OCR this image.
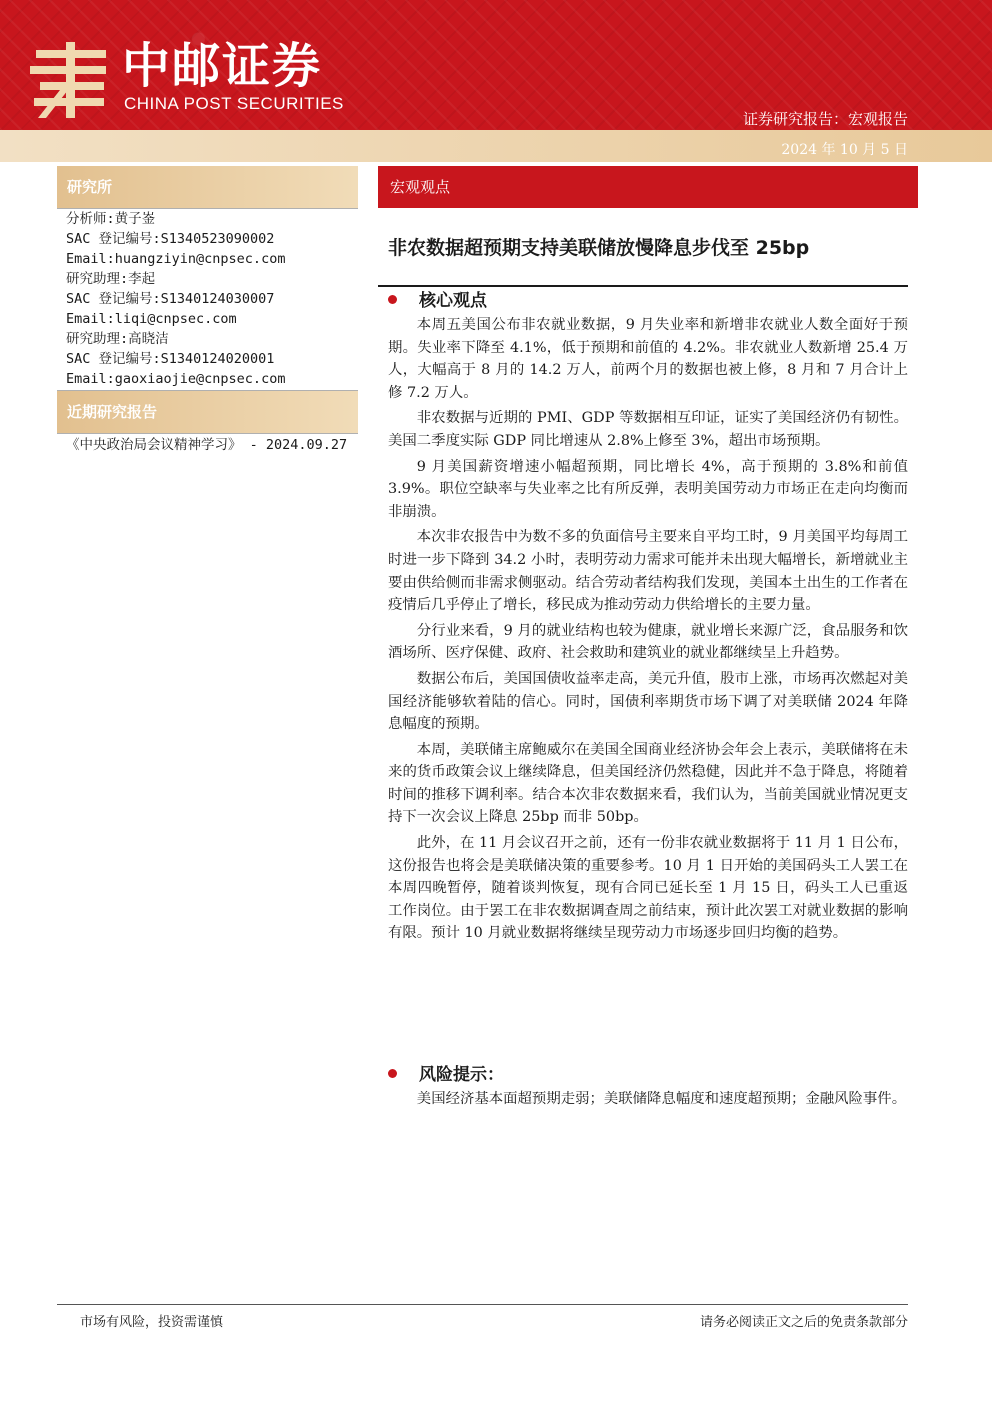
中邮证券
CHINA POST SECURITIES
证券研究报告：宏观报告
2024 年 10 月 5 日
研究所
分析师:黄子崟
SAC 登记编号:S1340523090002
Email:huangziyin@cnpsec.com
研究助理:李起
SAC 登记编号:S1340124030007
Email:liqi@cnpsec.com
研究助理:高晓洁
SAC 登记编号:S1340124020001
Email:gaoxiaojie@cnpsec.com
近期研究报告
《中央政治局会议精神学习》 - 2024.09.27
宏观观点
非农数据超预期支持美联储放慢降息步伐至 25bp
核心观点

本周五美国公布非农就业数据，9 月失业率和新增非农就业人数全面好于预期。失业率下降至 4.1%，低于预期和前值的 4.2%。非农就业人数新增 25.4 万人，大幅高于 8 月的 14.2 万人，前两个月的数据也被上修，8 月和 7 月合计上修 7.2 万人。

非农数据与近期的 PMI、GDP 等数据相互印证，证实了美国经济仍有韧性。美国二季度实际 GDP 同比增速从 2.8%上修至 3%，超出市场预期。

9 月美国薪资增速小幅超预期，同比增长 4%，高于预期的 3.8%和前值 3.9%。职位空缺率与失业率之比有所反弹，表明美国劳动力市场正在走向均衡而非崩溃。

本次非农报告中为数不多的负面信号主要来自平均工时，9 月美国平均每周工时进一步下降到 34.2 小时，表明劳动力需求可能并未出现大幅增长，新增就业主要由供给侧而非需求侧驱动。结合劳动者结构我们发现，美国本土出生的工作者在疫情后几乎停止了增长，移民成为推动劳动力供给增长的主要力量。

分行业来看，9 月的就业结构也较为健康，就业增长来源广泛，食品服务和饮酒场所、医疗保健、政府、社会救助和建筑业的就业都继续呈上升趋势。

数据公布后，美国国债收益率走高，美元升值，股市上涨，市场再次燃起对美国经济能够软着陆的信心。同时，国债利率期货市场下调了对美联储 2024 年降息幅度的预期。

本周，美联储主席鲍威尔在美国全国商业经济协会年会上表示，美联储将在未来的货币政策会议上继续降息，但美国经济仍然稳健，因此并不急于降息，将随着时间的推移下调利率。结合本次非农数据来看，我们认为，当前美国就业情况更支持下一次会议上降息 25bp 而非 50bp。

此外，在 11 月会议召开之前，还有一份非农就业数据将于 11 月 1 日公布，这份报告也将会是美联储决策的重要参考。10 月 1 日开始的美国码头工人罢工在本周四晚暂停，随着谈判恢复，现有合同已延长至 1 月 15 日，码头工人已重返工作岗位。由于罢工在非农数据调查周之前结束，预计此次罢工对就业数据的影响有限。预计 10 月就业数据将继续呈现劳动力市场逐步回归均衡的趋势。

风险提示：

美国经济基本面超预期走弱；美联储降息幅度和速度超预期；金融风险事件。

市场有风险，投资需谨慎	请务必阅读正文之后的免责条款部分
